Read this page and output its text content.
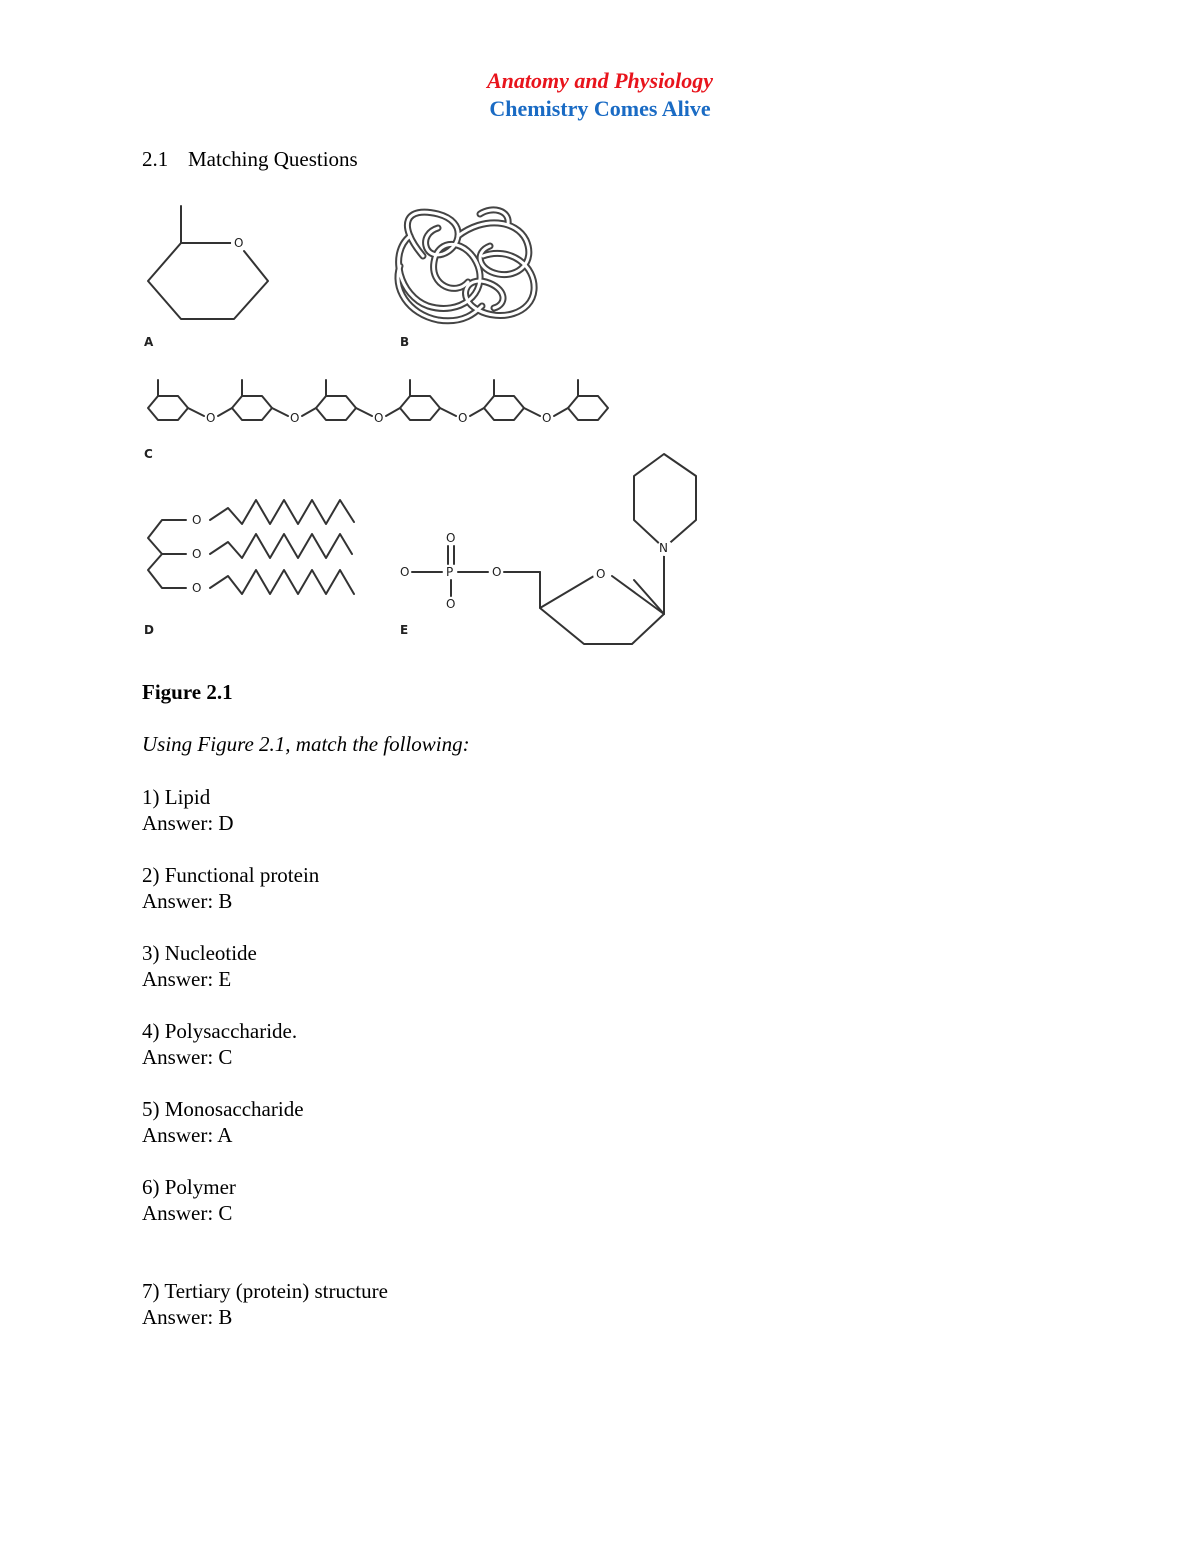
Anatomy and Physiology
Chemistry Comes Alive
2.1 Matching Questions
O
O	O	O	O	O
O
O
O
O	P
O
O
O	O
N
A	B
C
D	E
Figure 2.1
Using Figure 2.1, match the following:
1) Lipid
Answer: D
2) Functional protein
Answer: B
3) Nucleotide
Answer: E
4) Polysaccharide.
Answer: C
5) Monosaccharide
Answer: A
6) Polymer
Answer: C
7) Tertiary (protein) structure
Answer: B
